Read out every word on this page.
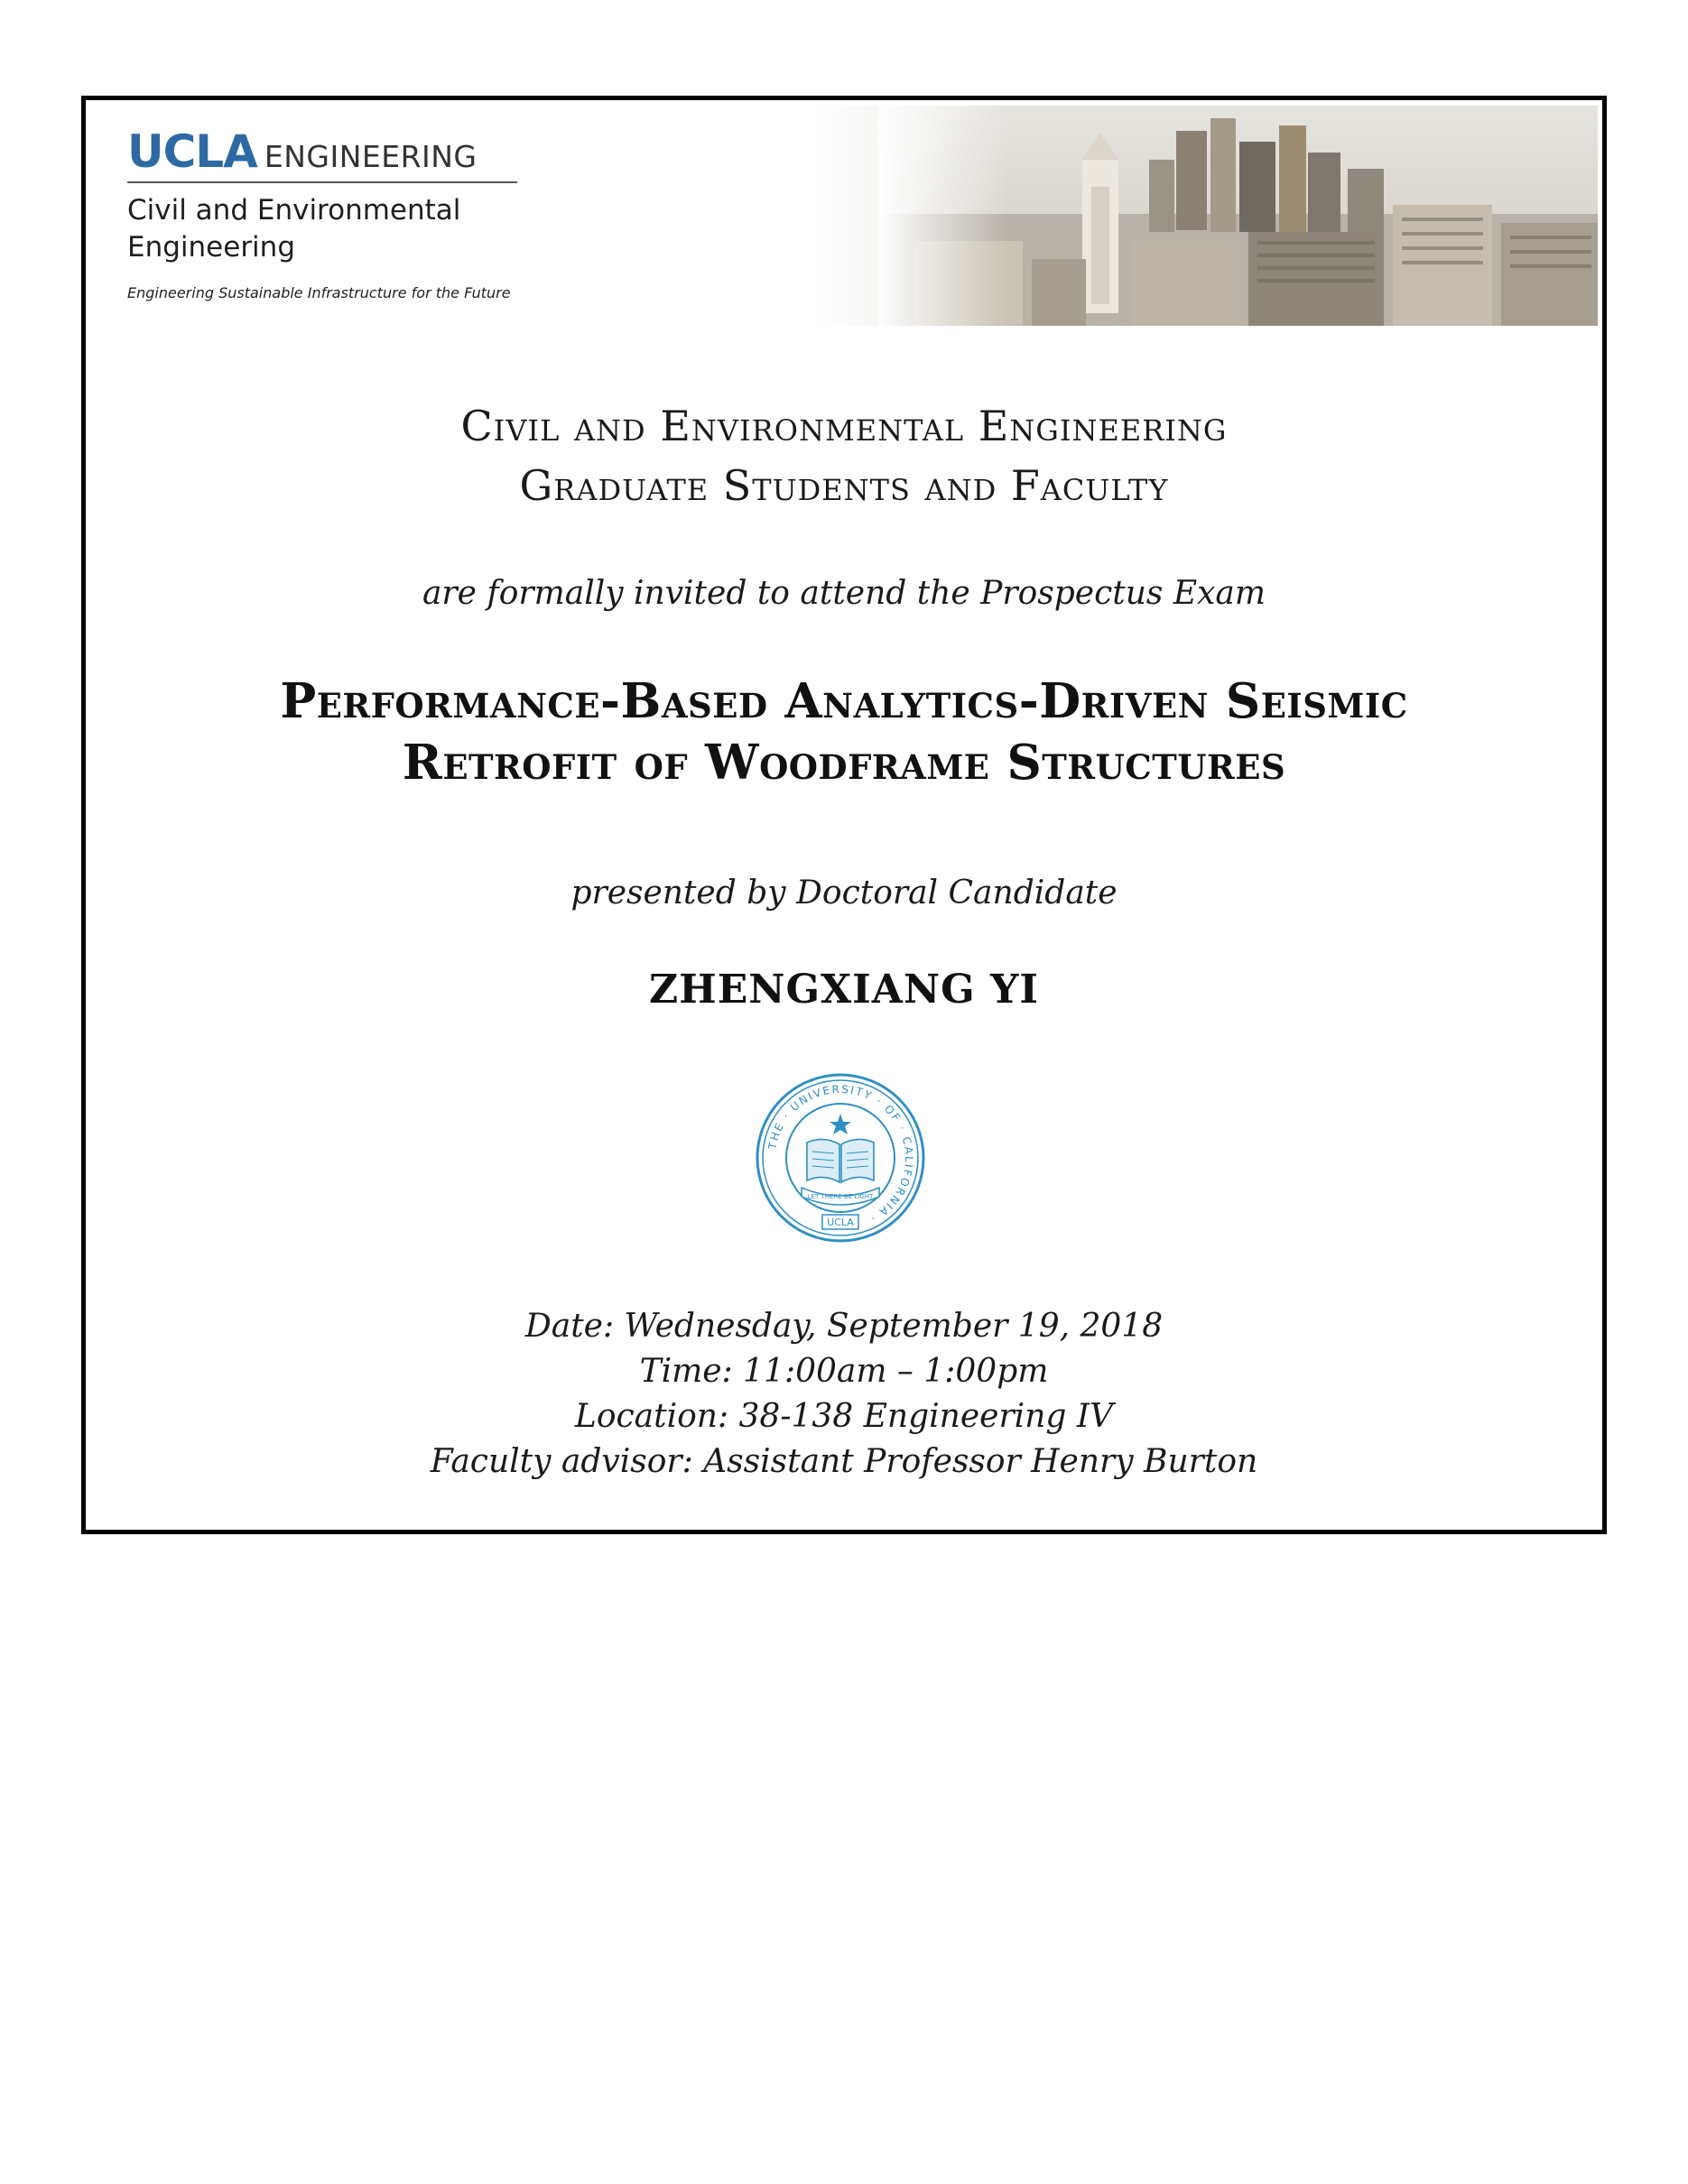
UCLA ENGINEERING
Civil and Environmental Engineering
Engineering Sustainable Infrastructure for the Future
Civil and Environmental Engineering
Graduate Students and Faculty
are formally invited to attend the Prospectus Exam
Performance-Based Analytics-Driven Seismic
Retrofit of Woodframe Structures
presented by Doctoral Candidate
ZHENGXIANG YI
THE · UNIVERSITY · OF · CALIFORNIA ·
LET THERE BE LIGHT
UCLA
Date: Wednesday, September 19, 2018
Time: 11:00am – 1:00pm
Location: 38-138 Engineering IV
Faculty advisor: Assistant Professor Henry Burton
